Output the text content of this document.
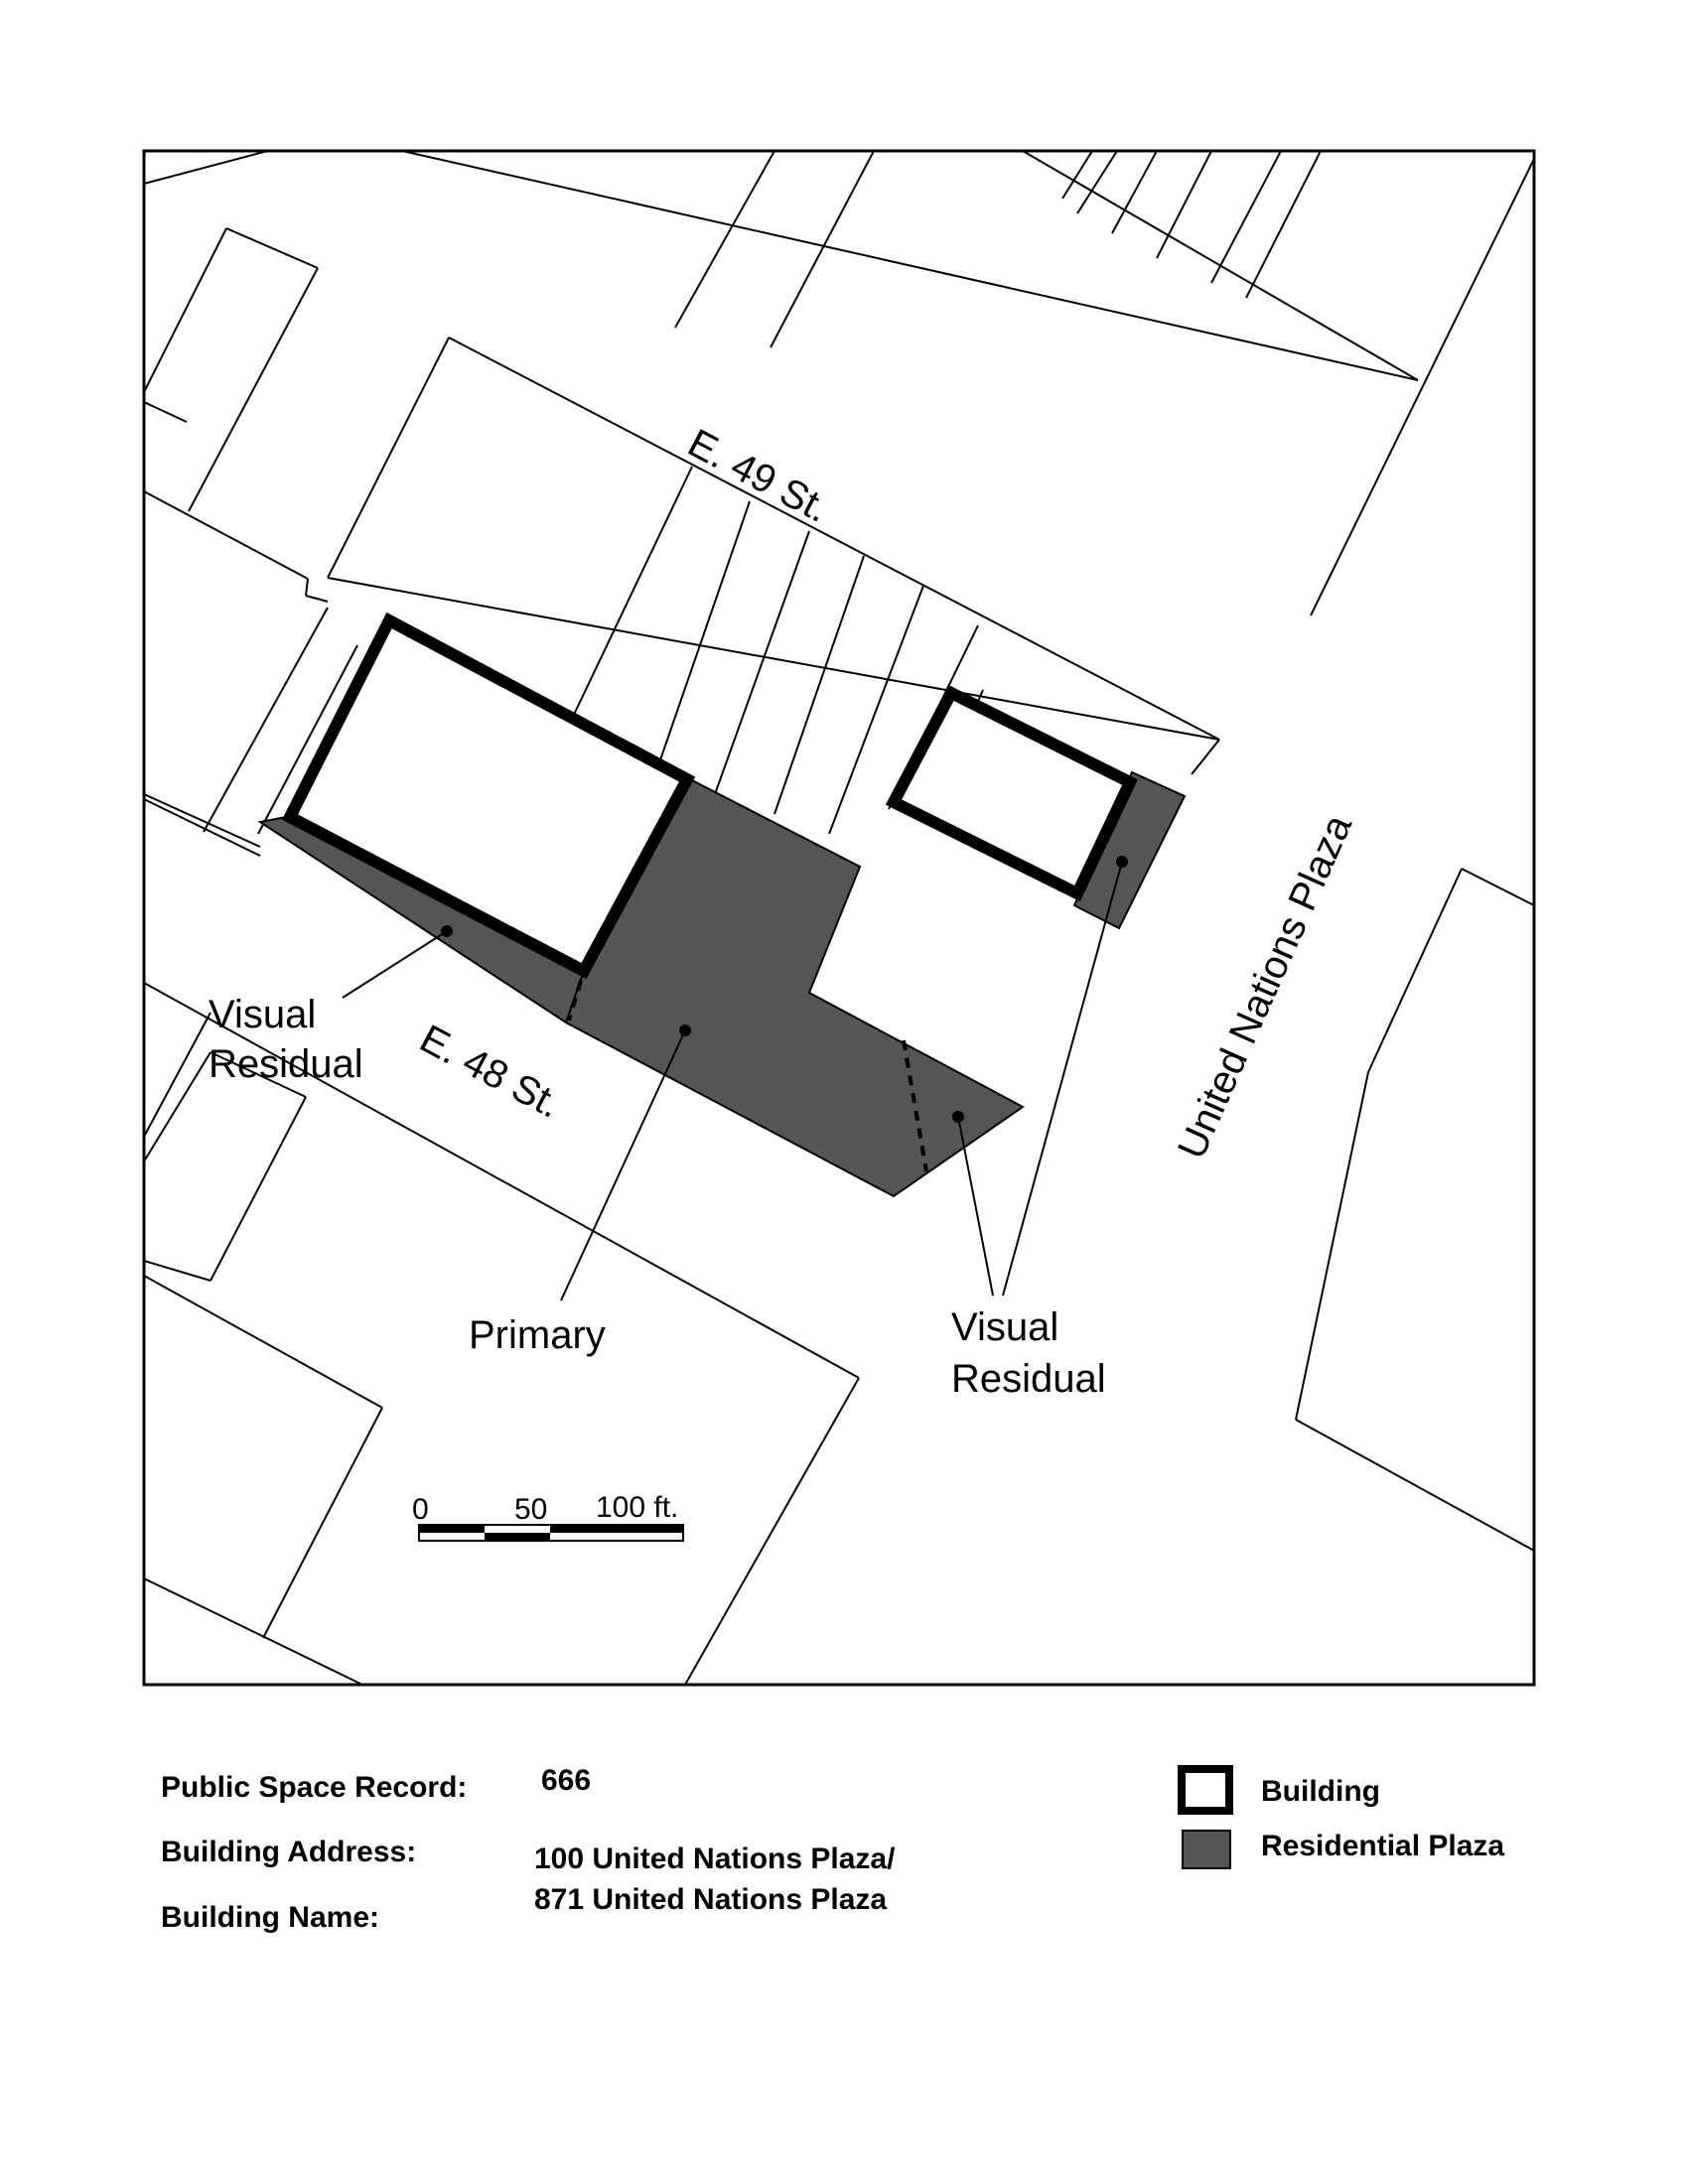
E. 49 St.
E. 48 St.	United Nations Plaza
Visual
Residual
Primary	Visual
Residual
0	50 100 ft.
Public Space Record: 666
Building Address:	100 United Nations Plaza/
871 United Nations Plaza
Building Name:
Building
Residential Plaza
